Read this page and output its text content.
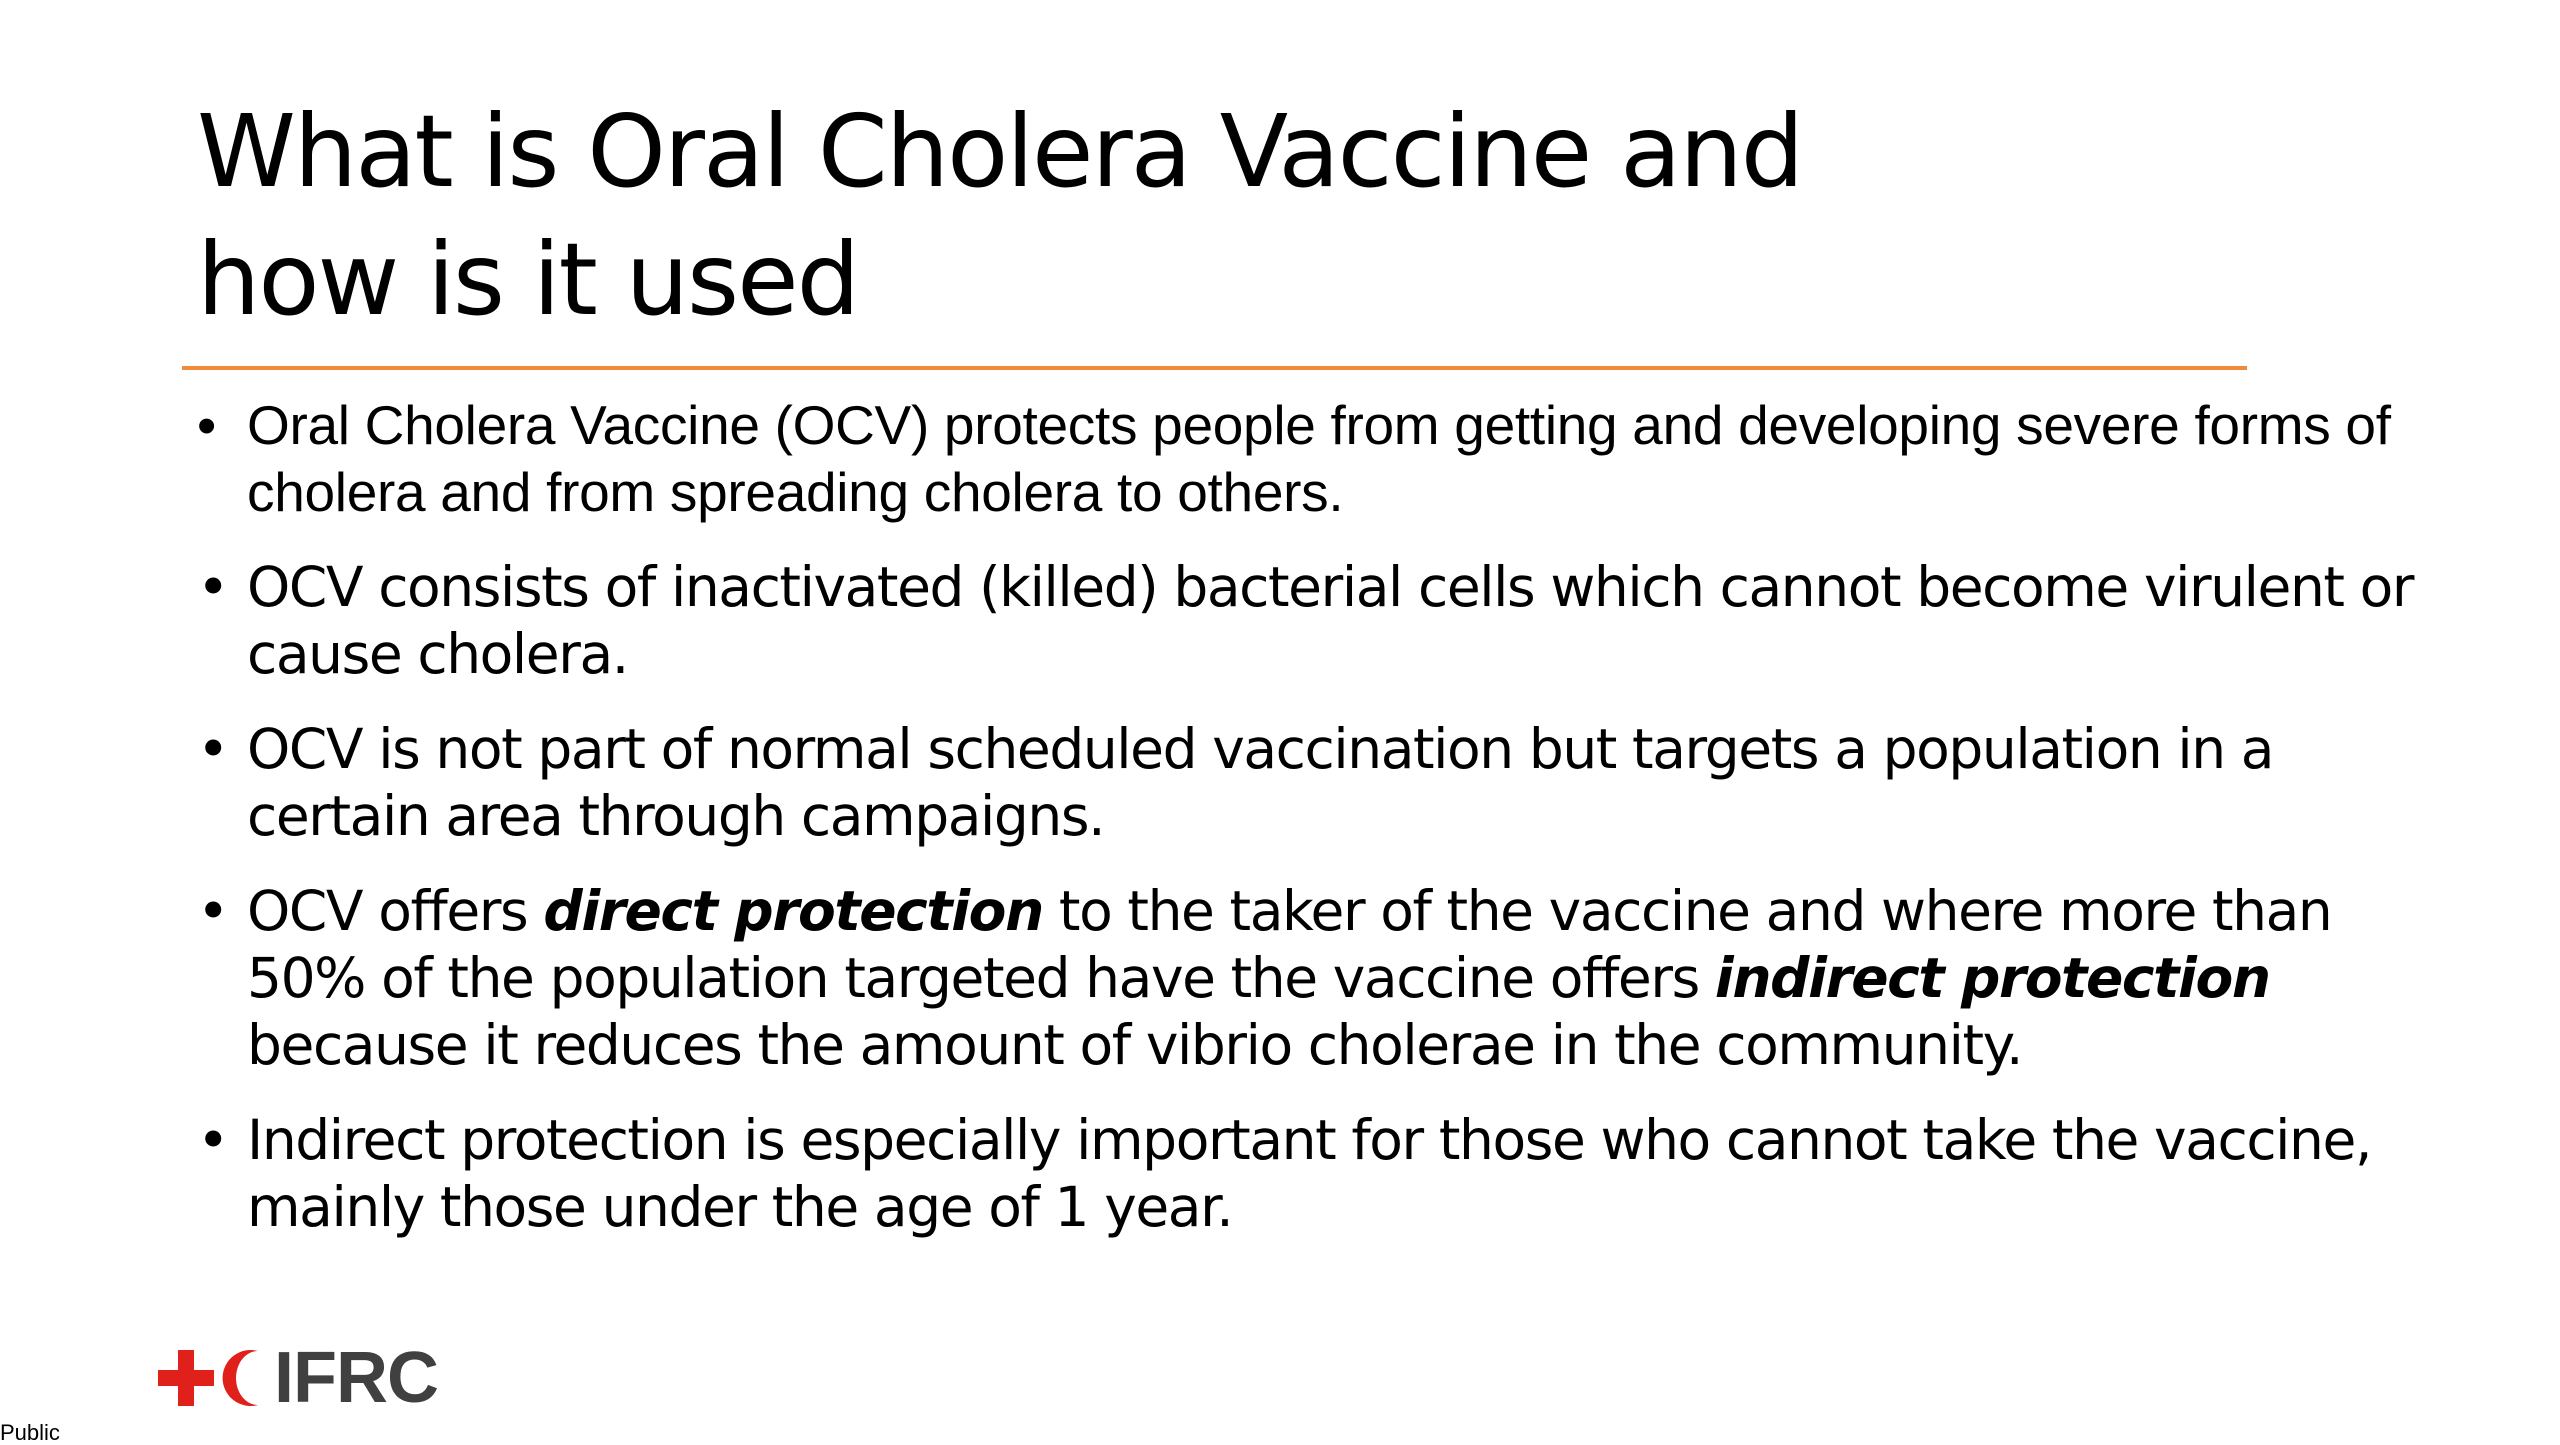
What is Oral Cholera Vaccine and
how is it used
• Oral Cholera Vaccine (OCV) protects people from getting and developing severe forms of cholera and from spreading cholera to others.
• OCV consists of inactivated (killed) bacterial cells which cannot become virulent or cause cholera.
• OCV is not part of normal scheduled vaccination but targets a population in a certain area through campaigns.
• OCV offers direct protection to the taker of the vaccine and where more than 50% of the population targeted have the vaccine offers indirect protection because it reduces the amount of vibrio cholerae in the community.
• Indirect protection is especially important for those who cannot take the vaccine, mainly those under the age of 1 year.
IFRC
Public
